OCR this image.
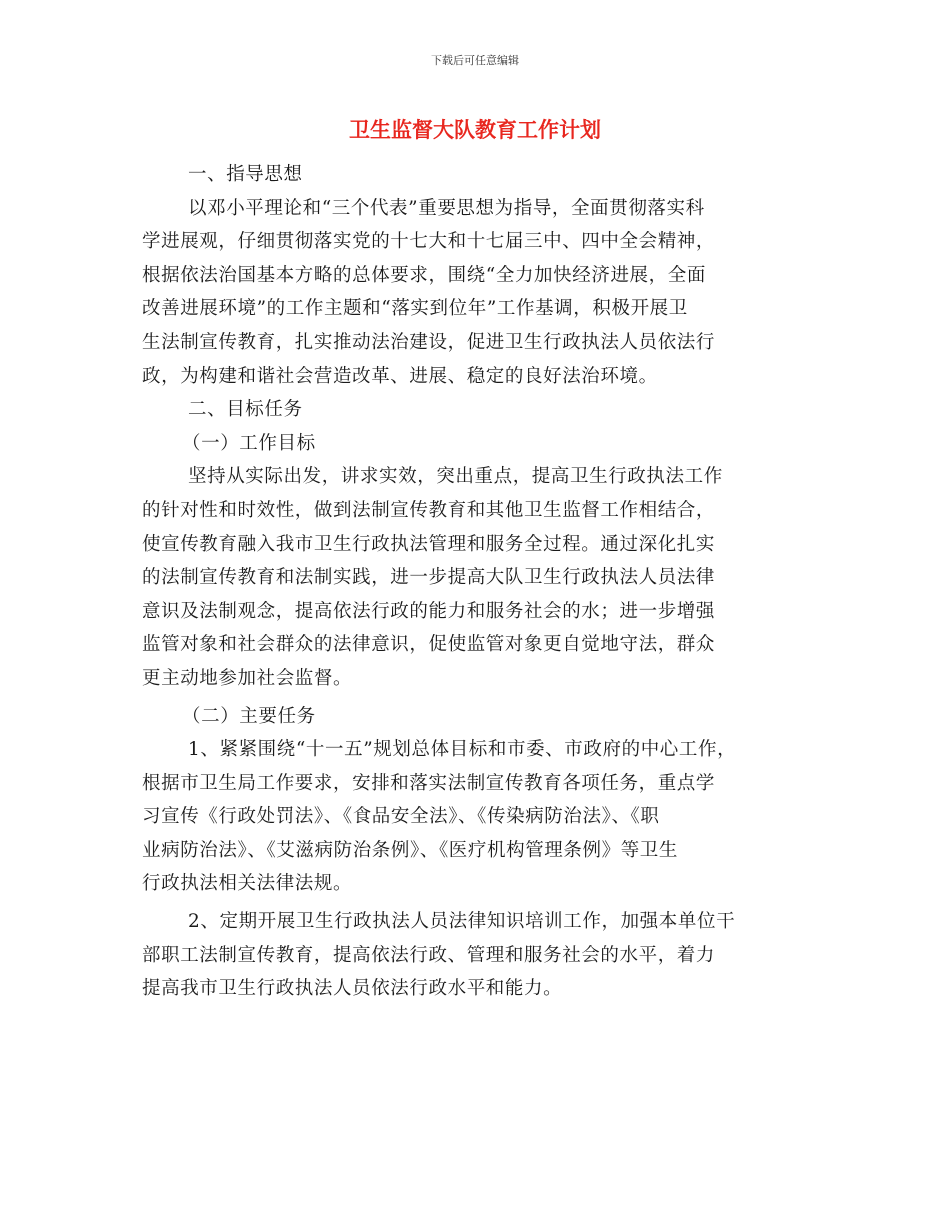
下载后可任意编辑
卫生监督大队教育工作计划

一、指导思想

以邓小平理论和“三个代表”重要思想为指导，全面贯彻落实科

学进展观，仔细贯彻落实党的十七大和十七届三中、四中全会精神，

根据依法治国基本方略的总体要求，围绕“全力加快经济进展，全面

改善进展环境”的工作主题和“落实到位年”工作基调，积极开展卫

生法制宣传教育，扎实推动法治建设，促进卫生行政执法人员依法行

政，为构建和谐社会营造改革、进展、稳定的良好法治环境。

二、目标任务

（一）工作目标

坚持从实际出发，讲求实效，突出重点，提高卫生行政执法工作

的针对性和时效性，做到法制宣传教育和其他卫生监督工作相结合，

使宣传教育融入我市卫生行政执法管理和服务全过程。通过深化扎实

的法制宣传教育和法制实践，进一步提高大队卫生行政执法人员法律

意识及法制观念，提高依法行政的能力和服务社会的水；进一步增强

监管对象和社会群众的法律意识，促使监管对象更自觉地守法，群众

更主动地参加社会监督。

（二）主要任务

1、紧紧围绕“十一五”规划总体目标和市委、市政府的中心工作，

根据市卫生局工作要求，安排和落实法制宣传教育各项任务，重点学

习宣传《行政处罚法》、《食品安全法》、《传染病防治法》、《职

业病防治法》、《艾滋病防治条例》、《医疗机构管理条例》等卫生

行政执法相关法律法规。

2、定期开展卫生行政执法人员法律知识培训工作，加强本单位干

部职工法制宣传教育，提高依法行政、管理和服务社会的水平，着力

提高我市卫生行政执法人员依法行政水平和能力。
